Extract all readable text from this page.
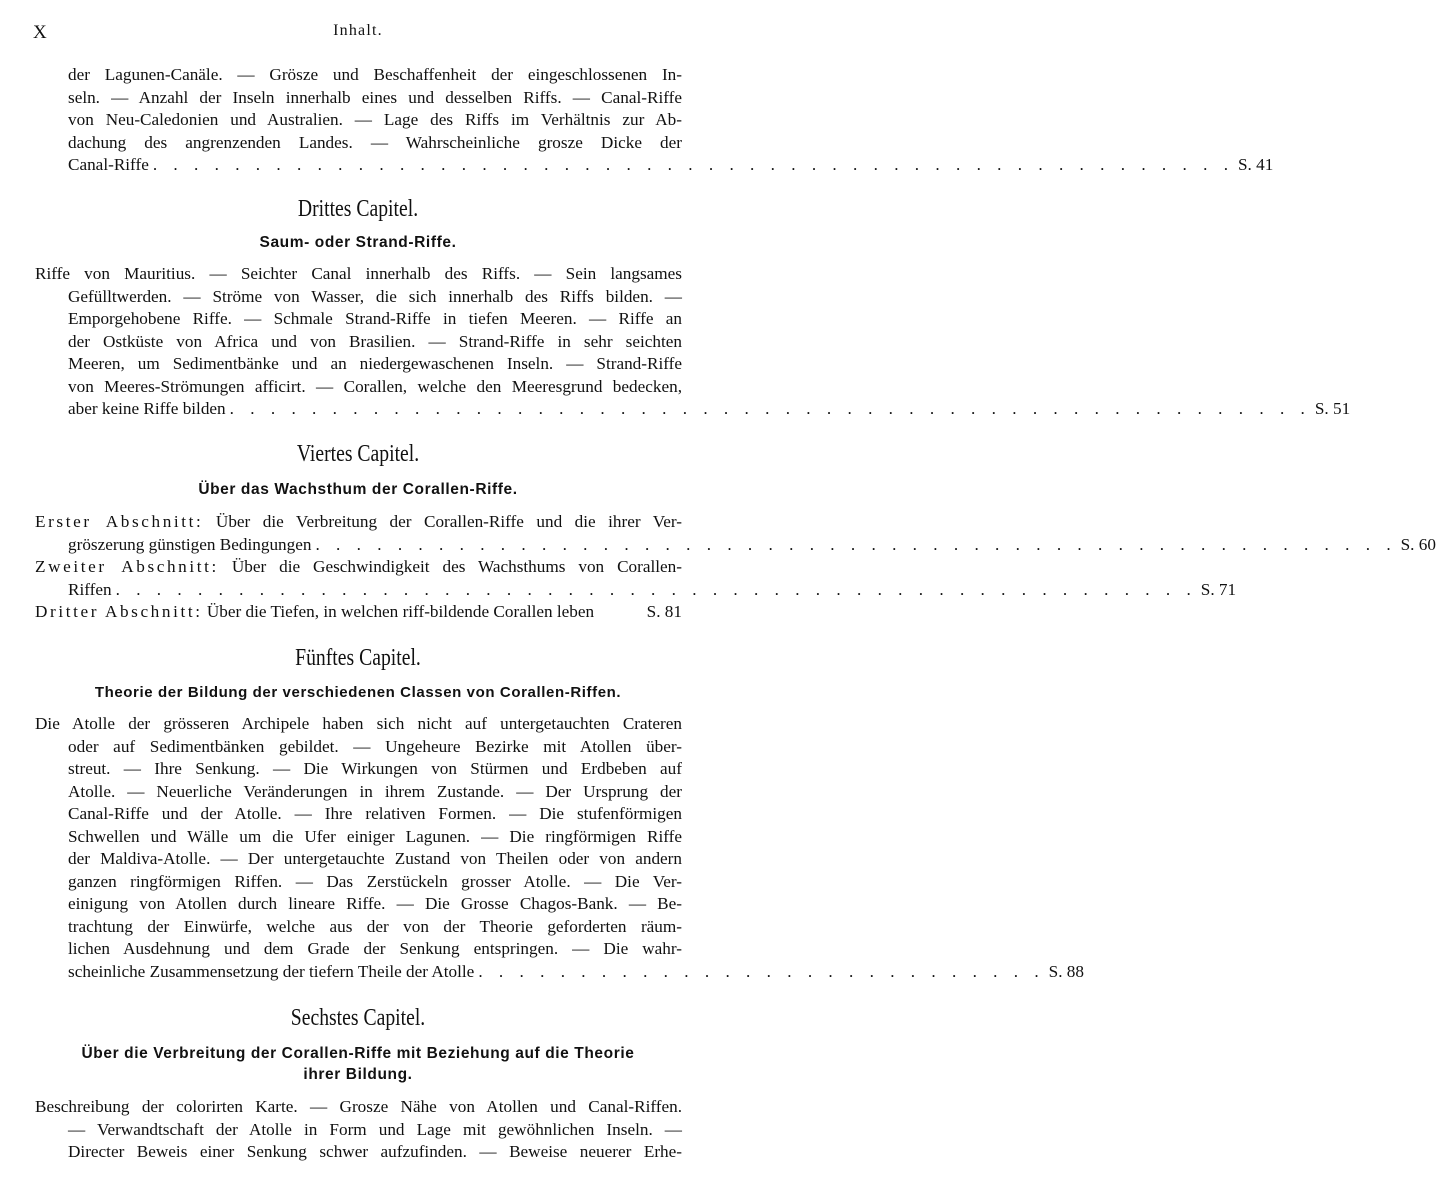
X	Inhalt.
der Lagunen-Canäle. — Grösze und Beschaffenheit der eingeschlossenen In-
seln. — Anzahl der Inseln innerhalb eines und desselben Riffs. — Canal-Riffe
von Neu-Caledonien und Australien. — Lage des Riffs im Verhältnis zur Ab-
dachung des angrenzenden Landes. — Wahrscheinliche grosze Dicke der
Canal-Riffe . . . . . . . . . . . . . . . . . . . . . . . . . . . . . . . . . . . . . . . . . . . . . . . . . . . . . S. 41
Drittes Capitel.
Saum- oder Strand-Riffe.
Riffe von Mauritius. — Seichter Canal innerhalb des Riffs. — Sein langsames
Gefülltwerden. — Ströme von Wasser, die sich innerhalb des Riffs bilden. —
Emporgehobene Riffe. — Schmale Strand-Riffe in tiefen Meeren. — Riffe an
der Ostküste von Africa und von Brasilien. — Strand-Riffe in sehr seichten
Meeren, um Sedimentbänke und an niedergewaschenen Inseln. — Strand-Riffe
von Meeres-Strömungen afficirt. — Corallen, welche den Meeresgrund bedecken,
aber keine Riffe bilden . . . . . . . . . . . . . . . . . . . . . . . . . . . . . . . . . . . . . . . . . . . . . . . . . . . . . S. 51
Viertes Capitel.
Über das Wachsthum der Corallen-Riffe.
Erster Abschnitt: Über die Verbreitung der Corallen-Riffe und die ihrer Ver-
gröszerung günstigen Bedingungen . . . . . . . . . . . . . . . . . . . . . . . . . . . . . . . . . . . . . . . . . . . . . . . . . . . . . S. 60
Zweiter Abschnitt: Über die Geschwindigkeit des Wachsthums von Corallen-
Riffen . . . . . . . . . . . . . . . . . . . . . . . . . . . . . . . . . . . . . . . . . . . . . . . . . . . . . S. 71
Dritter Abschnitt: Über die Tiefen, in welchen riff-bildende Corallen leben	S. 81
Fünftes Capitel.
Theorie der Bildung der verschiedenen Classen von Corallen-Riffen.
Die Atolle der grösseren Archipele haben sich nicht auf untergetauchten Crateren
oder auf Sedimentbänken gebildet. — Ungeheure Bezirke mit Atollen über-
streut. — Ihre Senkung. — Die Wirkungen von Stürmen und Erdbeben auf
Atolle. — Neuerliche Veränderungen in ihrem Zustande. — Der Ursprung der
Canal-Riffe und der Atolle. — Ihre relativen Formen. — Die stufenförmigen
Schwellen und Wälle um die Ufer einiger Lagunen. — Die ringförmigen Riffe
der Maldiva-Atolle. — Der untergetauchte Zustand von Theilen oder von andern
ganzen ringförmigen Riffen. — Das Zerstückeln grosser Atolle. — Die Ver-
einigung von Atollen durch lineare Riffe. — Die Grosse Chagos-Bank. — Be-
trachtung der Einwürfe, welche aus der von der Theorie geforderten räum-
lichen Ausdehnung und dem Grade der Senkung entspringen. — Die wahr-
scheinliche Zusammensetzung der tiefern Theile der Atolle . . . . . . . . . . . . . . . . . . . . . . . . . . . . S. 88
Sechstes Capitel.
Über die Verbreitung der Corallen-Riffe mit Beziehung auf die Theorie
ihrer Bildung.
Beschreibung der colorirten Karte. — Grosze Nähe von Atollen und Canal-Riffen.
— Verwandtschaft der Atolle in Form und Lage mit gewöhnlichen Inseln. —
Directer Beweis einer Senkung schwer aufzufinden. — Beweise neuerer Erhe-
